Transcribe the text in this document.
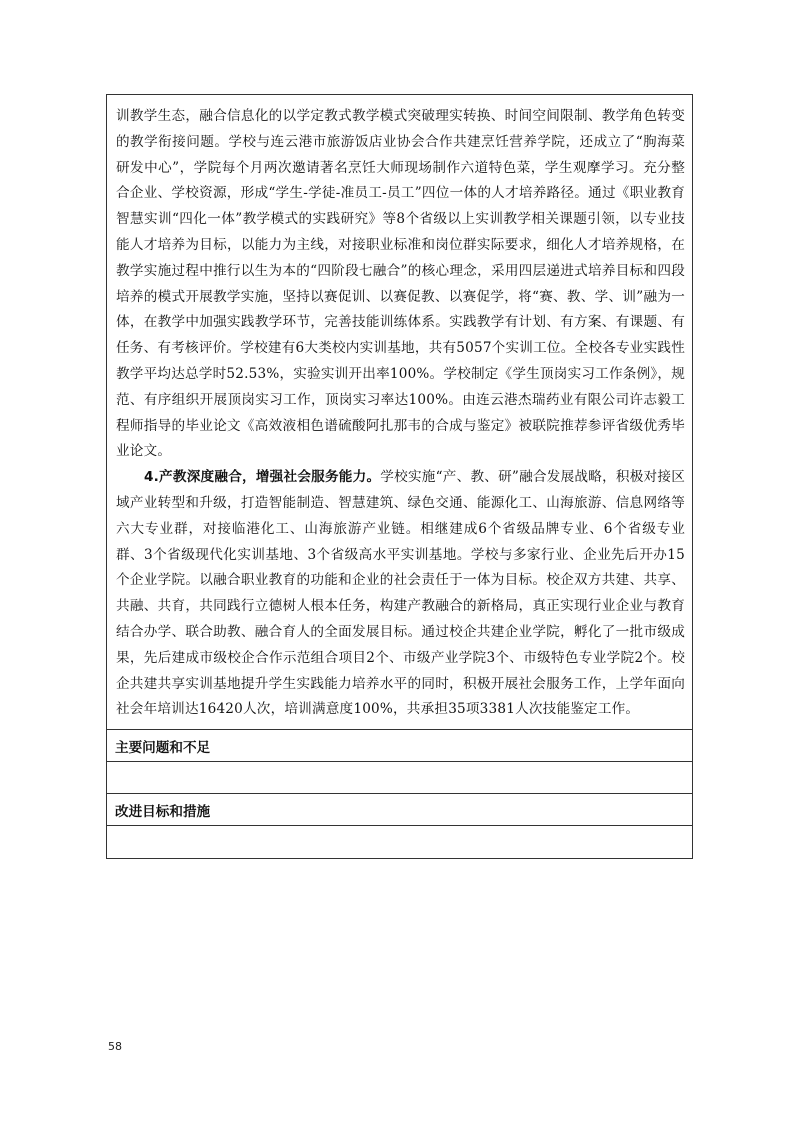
训教学生态，融合信息化的以学定教式教学模式突破理实转换、时间空间限制、教学角色转变的教学衔接问题。学校与连云港市旅游饭店业协会合作共建烹饪营养学院，还成立了“朐海菜研发中心”，学院每个月两次邀请著名烹饪大师现场制作六道特色菜，学生观摩学习。充分整合企业、学校资源，形成“学生-学徒-准员工-员工”四位一体的人才培养路径。通过《职业教育智慧实训“四化一体”教学模式的实践研究》等8个省级以上实训教学相关课题引领，以专业技能人才培养为目标，以能力为主线，对接职业标准和岗位群实际要求，细化人才培养规格，在教学实施过程中推行以生为本的“四阶段七融合”的核心理念，采用四层递进式培养目标和四段培养的模式开展教学实施，坚持以赛促训、以赛促教、以赛促学，将“赛、教、学、训”融为一体，在教学中加强实践教学环节，完善技能训练体系。实践教学有计划、有方案、有课题、有任务、有考核评价。学校建有6大类校内实训基地，共有5057个实训工位。全校各专业实践性教学平均达总学时52.53%，实验实训开出率100%。学校制定《学生顶岗实习工作条例》，规范、有序组织开展顶岗实习工作，顶岗实习率达100%。由连云港杰瑞药业有限公司许志毅工程师指导的毕业论文《高效液相色谱硫酸阿扎那韦的合成与鉴定》被联院推荐参评省级优秀毕业论文。

4.产教深度融合，增强社会服务能力。学校实施“产、教、研”融合发展战略，积极对接区域产业转型和升级，打造智能制造、智慧建筑、绿色交通、能源化工、山海旅游、信息网络等六大专业群，对接临港化工、山海旅游产业链。相继建成6个省级品牌专业、6个省级专业群、3个省级现代化实训基地、3个省级高水平实训基地。学校与多家行业、企业先后开办15个企业学院。以融合职业教育的功能和企业的社会责任于一体为目标。校企双方共建、共享、共融、共育，共同践行立德树人根本任务，构建产教融合的新格局，真正实现行业企业与教育结合办学、联合助教、融合育人的全面发展目标。通过校企共建企业学院，孵化了一批市级成果，先后建成市级校企合作示范组合项目2个、市级产业学院3个、市级特色专业学院2个。校企共建共享实训基地提升学生实践能力培养水平的同时，积极开展社会服务工作，上学年面向社会年培训达16420人次，培训满意度100%，共承担35项3381人次技能鉴定工作。

主要问题和不足
改进目标和措施
58
